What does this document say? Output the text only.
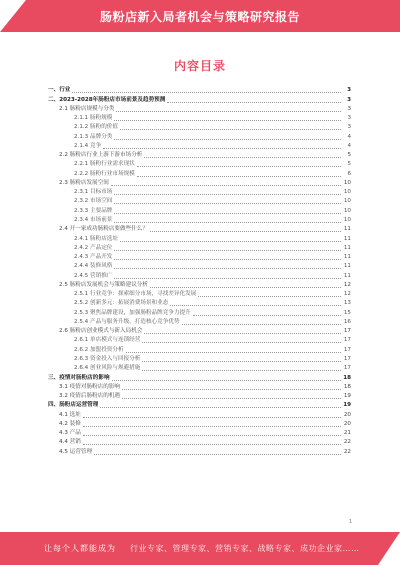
肠粉店新入局者机会与策略研究报告
内容目录
一、行业	3
二、2023-2028年肠粉店市场前景及趋势预测	3
2.1 肠粉店规模与分类	3
2.1.1 肠粉规模	3
2.1.2 肠粉的价值	3
2.1.3 品牌分类	4
2.1.4 竞争	4
2.2 肠粉店行业上游下游市场分析	5
2.2.1 肠粉行业需求现状	5
2.2.2 肠粉行业市场规模	6
2.3 肠粉店发展空间	10
2.3.1 目标市场	10
2.3.2 市场空间	10
2.3.3 主要品牌	10
2.3.4 市场前景	10
2.4 开一家成功肠粉店要做些什么？	11
2.4.1 肠粉店选址	11
2.4.2 产品定位	11
2.4.3 产品开发	11
2.4.4 装修风格	11
2.4.5 营销推广	11
2.5 肠粉店发展机会与策略建议分析	12
2.5.1 行业竞争：探索细分市场，寻找差异化发展	12
2.5.2 创新多元：拓展消费场景和业态	13
2.5.3 聚焦品牌建设，加强肠粉品牌竞争力提升	15
2.5.4 产品与服务升级，打造核心竞争优势	16
2.6 肠粉店创业模式与新入局机会	17
2.6.1 单店模式与连锁经营	17
2.6.2 加盟投资分析	17
2.6.3 资金投入与回报分析	17
2.6.4 创业风险与规避措施	17
三、疫情对肠粉店的影响	18
3.1 疫情对肠粉店的影响	18
3.2 疫情后肠粉店的机遇	19
四、肠粉店运营管理	19
4.1 选址	20
4.2 装修	20
4.3 产品	21
4.4 营销	22
4.5 运营管理	22
1
让每个人都能成为 行业专家、管理专家、营销专家、战略专家、成功企业家……
